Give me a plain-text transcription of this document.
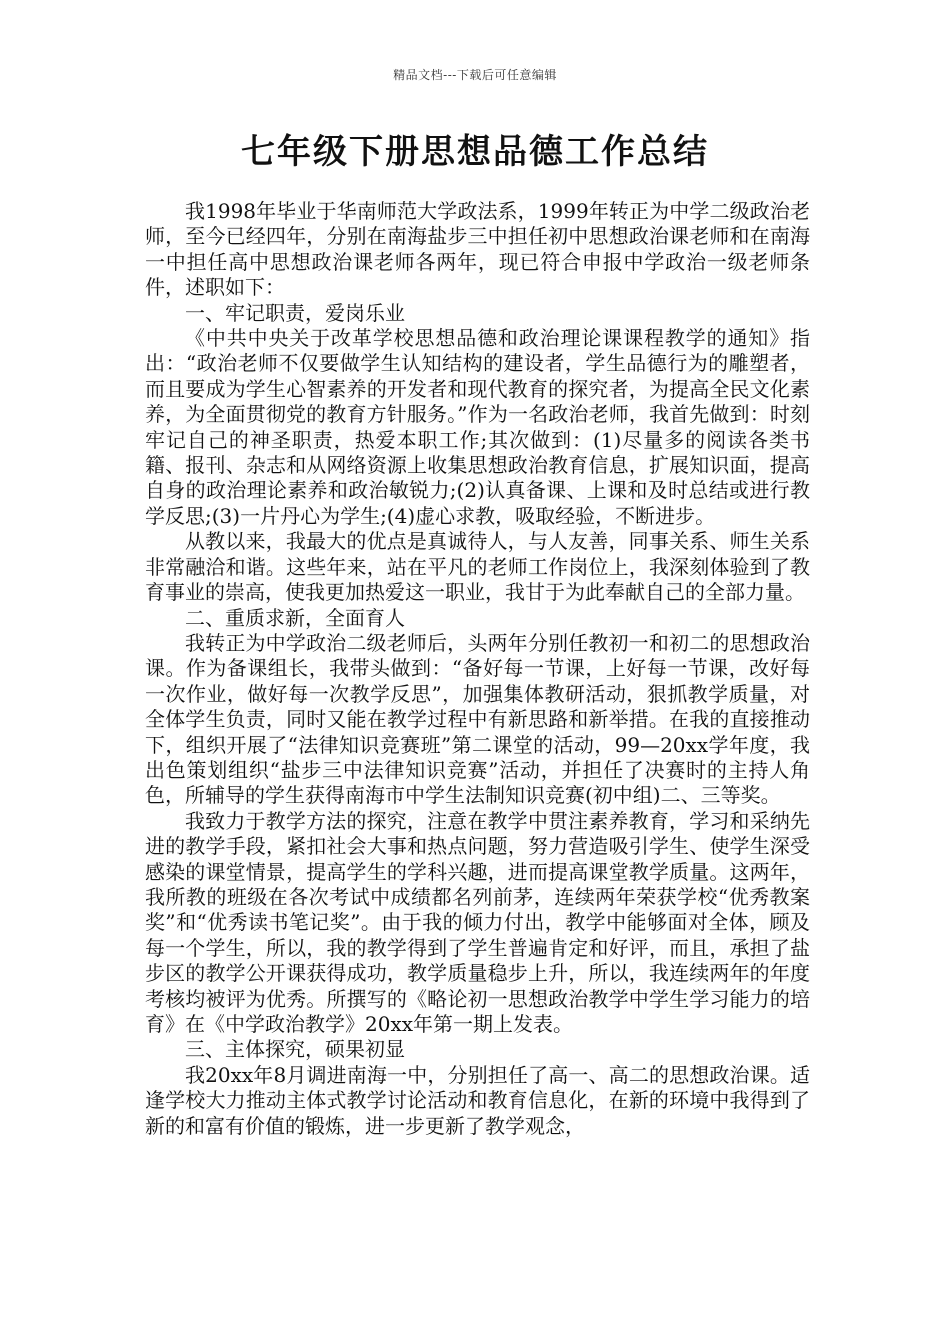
精品文档---下载后可任意编辑
七年级下册思想品德工作总结

我1998年毕业于华南师范大学政法系，1999年转正为中学二级政治老师，至今已经四年，分别在南海盐步三中担任初中思想政治课老师和在南海一中担任高中思想政治课老师各两年，现已符合申报中学政治一级老师条件，述职如下：

一、牢记职责，爱岗乐业

《中共中央关于改革学校思想品德和政治理论课课程教学的通知》指出：“政治老师不仅要做学生认知结构的建设者，学生品德行为的雕塑者，而且要成为学生心智素养的开发者和现代教育的探究者，为提高全民文化素养，为全面贯彻党的教育方针服务。”作为一名政治老师，我首先做到：时刻牢记自己的神圣职责，热爱本职工作;其次做到：(1)尽量多的阅读各类书籍、报刊、杂志和从网络资源上收集思想政治教育信息，扩展知识面，提高自身的政治理论素养和政治敏锐力;(2)认真备课、上课和及时总结或进行教学反思;(3)一片丹心为学生;(4)虚心求教，吸取经验，不断进步。

从教以来，我最大的优点是真诚待人，与人友善，同事关系、师生关系非常融洽和谐。这些年来，站在平凡的老师工作岗位上，我深刻体验到了教育事业的崇高，使我更加热爱这一职业，我甘于为此奉献自己的全部力量。

二、重质求新，全面育人

我转正为中学政治二级老师后，头两年分别任教初一和初二的思想政治课。作为备课组长，我带头做到：“备好每一节课，上好每一节课，改好每一次作业，做好每一次教学反思”，加强集体教研活动，狠抓教学质量，对全体学生负责，同时又能在教学过程中有新思路和新举措。在我的直接推动下，组织开展了“法律知识竞赛班”第二课堂的活动，99—20xx学年度，我出色策划组织“盐步三中法律知识竞赛”活动，并担任了决赛时的主持人角色，所辅导的学生获得南海市中学生法制知识竞赛(初中组)二、三等奖。

我致力于教学方法的探究，注意在教学中贯注素养教育，学习和采纳先进的教学手段，紧扣社会大事和热点问题，努力营造吸引学生、使学生深受感染的课堂情景，提高学生的学科兴趣，进而提高课堂教学质量。这两年，我所教的班级在各次考试中成绩都名列前茅，连续两年荣获学校“优秀教案奖”和“优秀读书笔记奖”。由于我的倾力付出，教学中能够面对全体，顾及每一个学生，所以，我的教学得到了学生普遍肯定和好评，而且，承担了盐步区的教学公开课获得成功，教学质量稳步上升，所以，我连续两年的年度考核均被评为优秀。所撰写的《略论初一思想政治教学中学生学习能力的培育》在《中学政治教学》20xx年第一期上发表。

三、主体探究，硕果初显

我20xx年8月调进南海一中，分别担任了高一、高二的思想政治课。适逢学校大力推动主体式教学讨论活动和教育信息化，在新的环境中我得到了新的和富有价值的锻炼，进一步更新了教学观念，
